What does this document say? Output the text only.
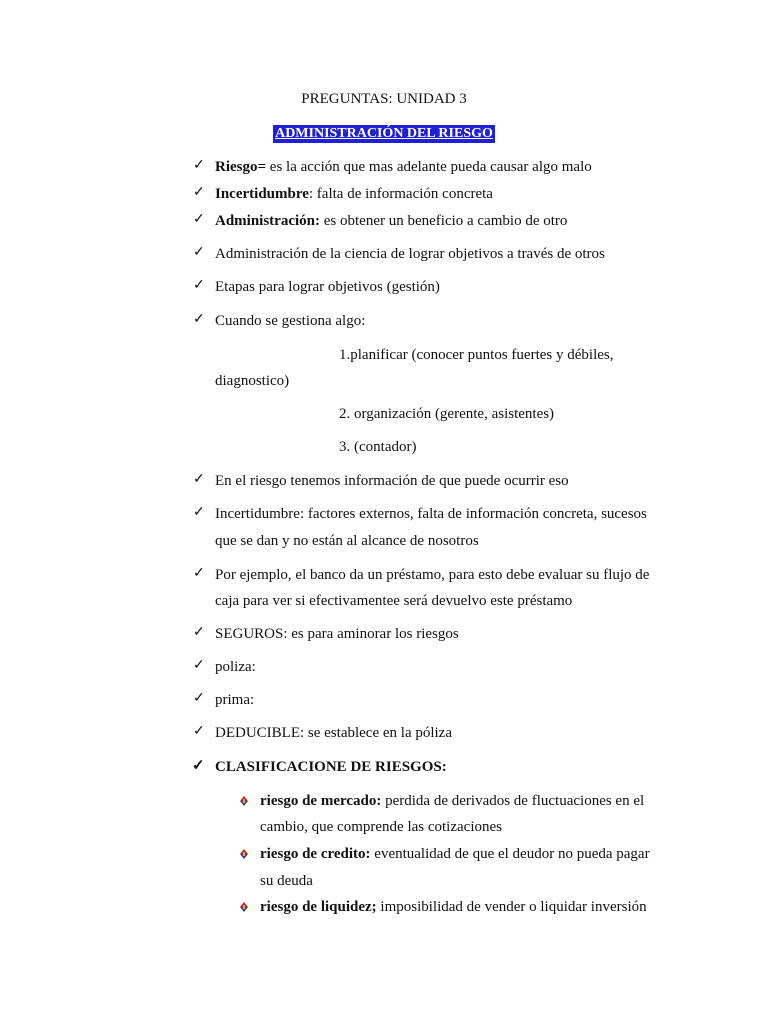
PREGUNTAS: UNIDAD 3
ADMINISTRACIÓN DEL RIESGO
✓ Riesgo= es la acción que mas adelante pueda causar algo malo
✓ Incertidumbre: falta de información concreta
✓ Administración: es obtener un beneficio a cambio de otro
✓ Administración de la ciencia de lograr objetivos a través de otros
✓ Etapas para lograr objetivos (gestión)
✓ Cuando se gestiona algo:
1.planificar (conocer puntos fuertes y débiles,
diagnostico)
2. organización (gerente, asistentes)
3. (contador)
✓ En el riesgo tenemos información de que puede ocurrir eso
✓ Incertidumbre: factores externos, falta de información concreta, sucesos
que se dan y no están al alcance de nosotros
✓ Por ejemplo, el banco da un préstamo, para esto debe evaluar su flujo de
caja para ver si efectivamentee será devuelvo este préstamo
✓ SEGUROS: es para aminorar los riesgos
✓ poliza:
✓ prima:
✓ DEDUCIBLE: se establece en la póliza
✓ CLASIFICACIONE DE RIESGOS:
riesgo de mercado: perdida de derivados de fluctuaciones en el
cambio, que comprende las cotizaciones
riesgo de credito: eventualidad de que el deudor no pueda pagar
su deuda
riesgo de liquidez; imposibilidad de vender o liquidar inversión
